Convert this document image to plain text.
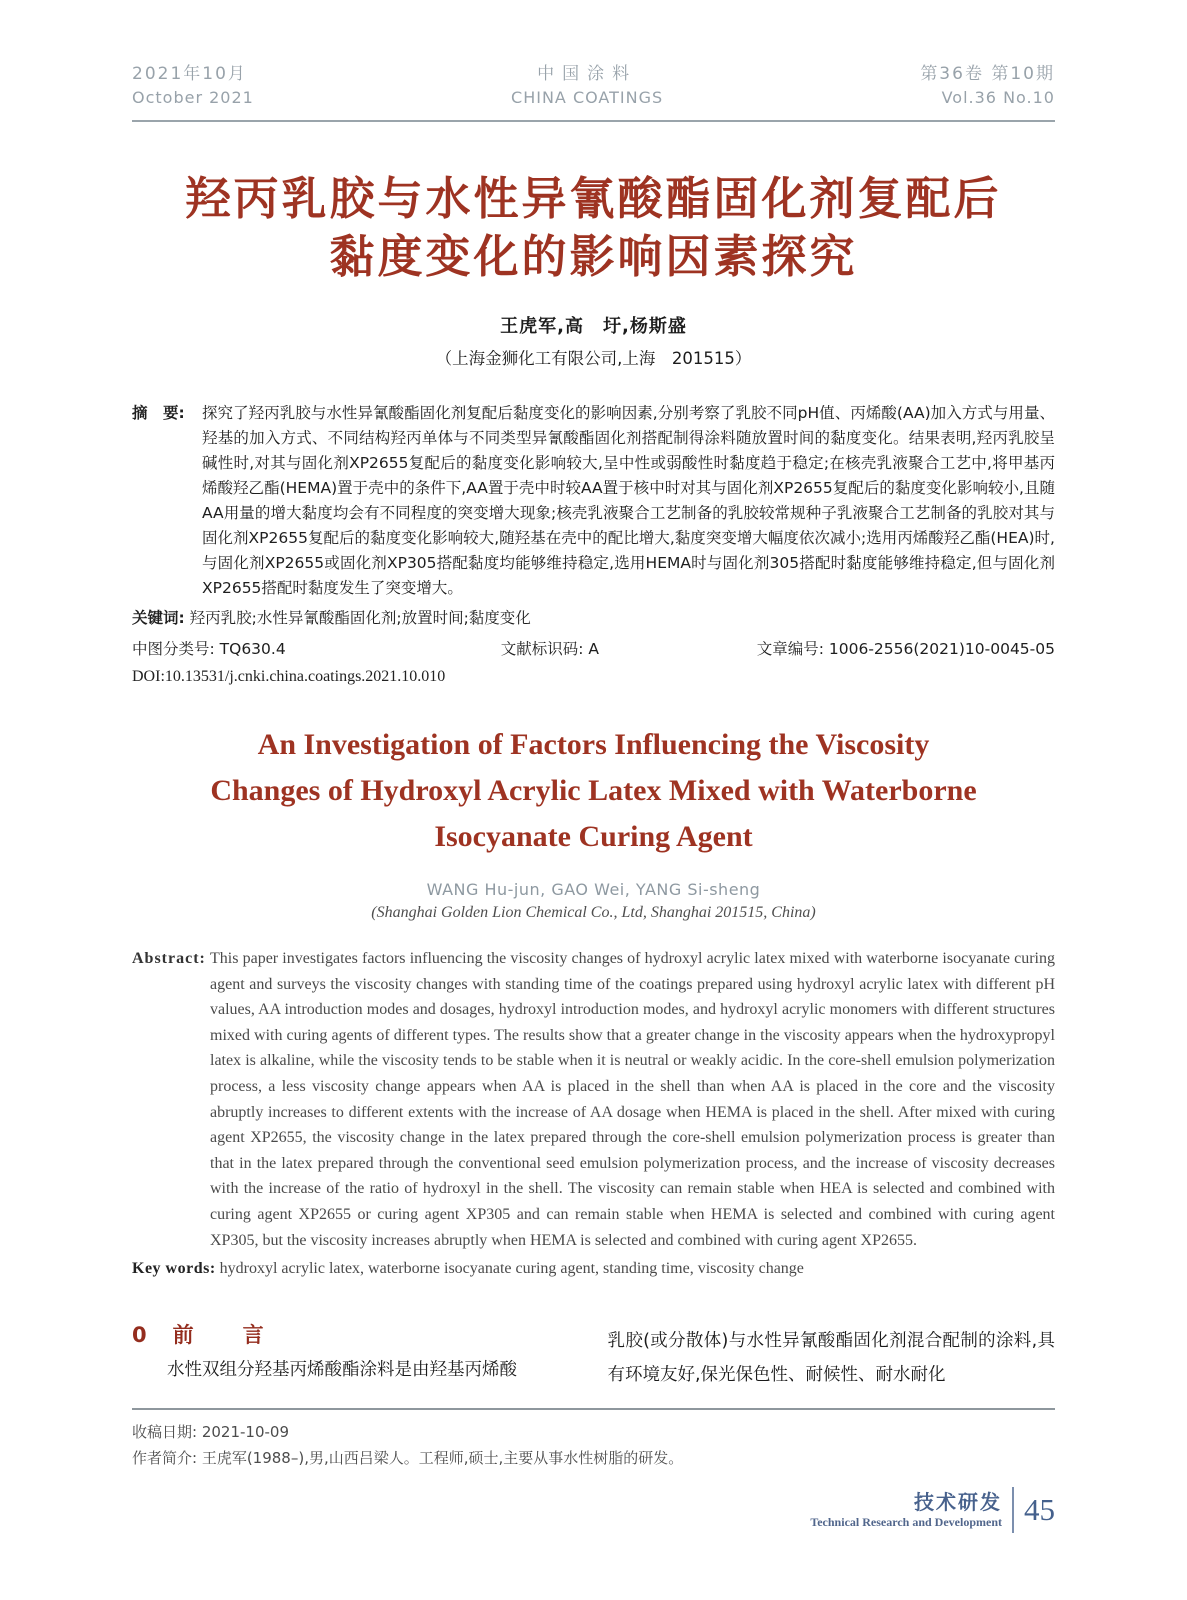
2021年10月
October 2021
中国涂料
CHINA COATINGS
第36卷 第10期
Vol.36 No.10
羟丙乳胶与水性异氰酸酯固化剂复配后
黏度变化的影响因素探究
王虎军,高　圩,杨斯盛
（上海金狮化工有限公司,上海　201515）
摘　要: 探究了羟丙乳胶与水性异氰酸酯固化剂复配后黏度变化的影响因素,分别考察了乳胶不同pH值、丙烯酸(AA)加入方式与用量、羟基的加入方式、不同结构羟丙单体与不同类型异氰酸酯固化剂搭配制得涂料随放置时间的黏度变化。结果表明,羟丙乳胶呈碱性时,对其与固化剂XP2655复配后的黏度变化影响较大,呈中性或弱酸性时黏度趋于稳定;在核壳乳液聚合工艺中,将甲基丙烯酸羟乙酯(HEMA)置于壳中的条件下,AA置于壳中时较AA置于核中时对其与固化剂XP2655复配后的黏度变化影响较小,且随AA用量的增大黏度均会有不同程度的突变增大现象;核壳乳液聚合工艺制备的乳胶较常规种子乳液聚合工艺制备的乳胶对其与固化剂XP2655复配后的黏度变化影响较大,随羟基在壳中的配比增大,黏度突变增大幅度依次减小;选用丙烯酸羟乙酯(HEA)时,与固化剂XP2655或固化剂XP305搭配黏度均能够维持稳定,选用HEMA时与固化剂305搭配时黏度能够维持稳定,但与固化剂XP2655搭配时黏度发生了突变增大。
关键词: 羟丙乳胶;水性异氰酸酯固化剂;放置时间;黏度变化
中图分类号: TQ630.4	文献标识码: A	文章编号: 1006-2556(2021)10-0045-05
DOI:10.13531/j.cnki.china.coatings.2021.10.010
An Investigation of Factors Influencing the Viscosity
Changes of Hydroxyl Acrylic Latex Mixed with Waterborne
Isocyanate Curing Agent
WANG Hu-jun, GAO Wei, YANG Si-sheng
(Shanghai Golden Lion Chemical Co., Ltd, Shanghai 201515, China)
Abstract: This paper investigates factors influencing the viscosity changes of hydroxyl acrylic latex mixed with waterborne isocyanate curing agent and surveys the viscosity changes with standing time of the coatings prepared using hydroxyl acrylic latex with different pH values, AA introduction modes and dosages, hydroxyl introduction modes, and hydroxyl acrylic monomers with different structures mixed with curing agents of different types. The results show that a greater change in the viscosity appears when the hydroxypropyl latex is alkaline, while the viscosity tends to be stable when it is neutral or weakly acidic. In the core-shell emulsion polymerization process, a less viscosity change appears when AA is placed in the shell than when AA is placed in the core and the viscosity abruptly increases to different extents with the increase of AA dosage when HEMA is placed in the shell. After mixed with curing agent XP2655, the viscosity change in the latex prepared through the core-shell emulsion polymerization process is greater than that in the latex prepared through the conventional seed emulsion polymerization process, and the increase of viscosity decreases with the increase of the ratio of hydroxyl in the shell. The viscosity can remain stable when HEA is selected and combined with curing agent XP2655 or curing agent XP305 and can remain stable when HEMA is selected and combined with curing agent XP305, but the viscosity increases abruptly when HEMA is selected and combined with curing agent XP2655.
Key words: hydroxyl acrylic latex, waterborne isocyanate curing agent, standing time, viscosity change
0 前　言
水性双组分羟基丙烯酸酯涂料是由羟基丙烯酸
乳胶(或分散体)与水性异氰酸酯固化剂混合配制的涂料,具有环境友好,保光保色性、耐候性、耐水耐化
收稿日期: 2021-10-09
作者简介: 王虎军(1988–),男,山西吕梁人。工程师,硕士,主要从事水性树脂的研发。
技术研发
Technical Research and Development 45
